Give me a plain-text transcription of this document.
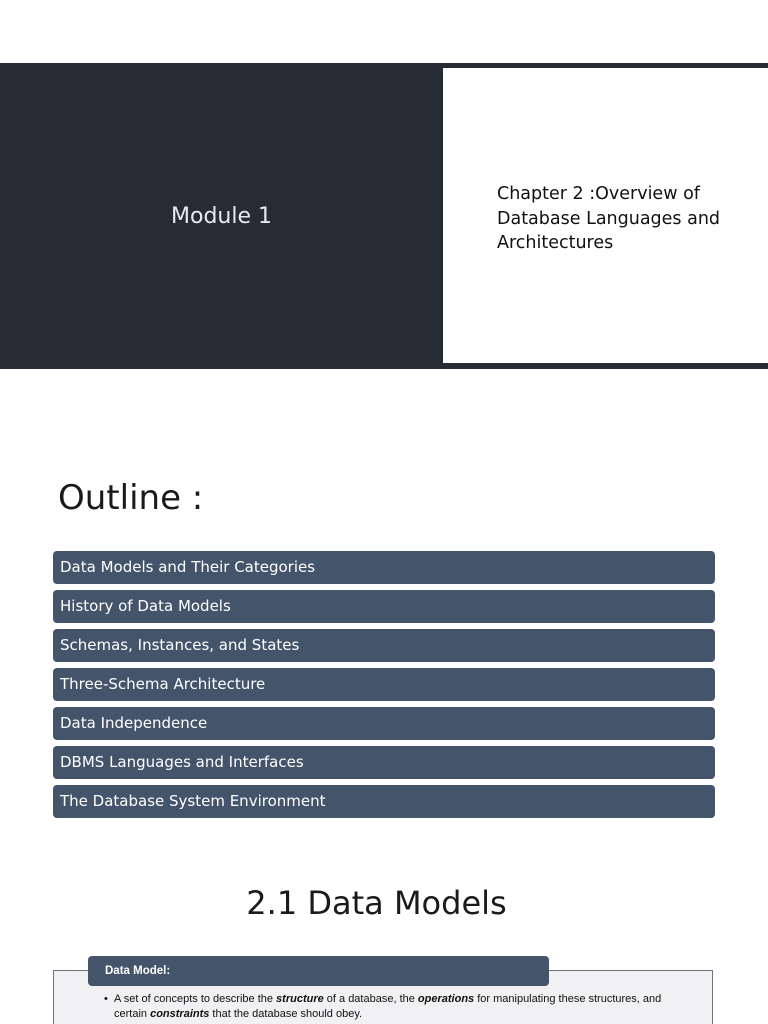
Module 1
Chapter 2 :Overview of Database Languages and Architectures
Outline :
Data Models and Their Categories
History of Data Models
Schemas, Instances, and States
Three-Schema Architecture
Data Independence
DBMS Languages and Interfaces
The Database System Environment
2.1 Data Models
Data Model:
• A set of concepts to describe the structure of a database, the operations for manipulating these structures, and certain constraints that the database should obey.
